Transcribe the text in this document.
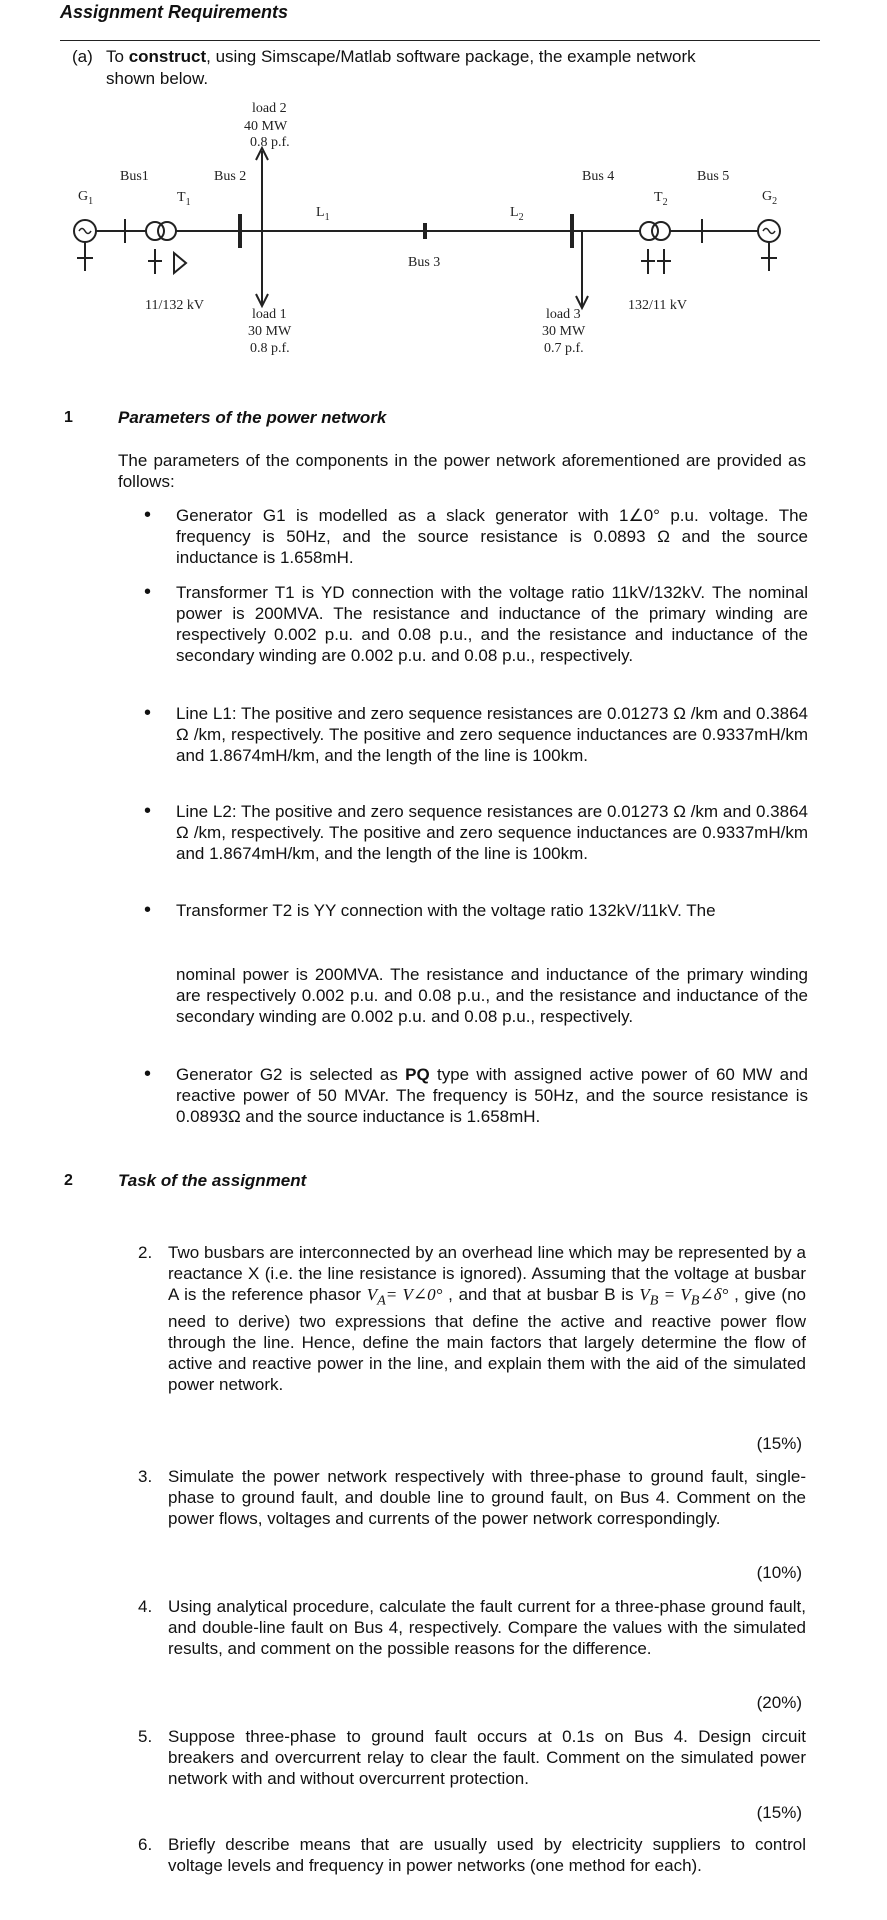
Assignment Requirements
(a) To construct, using Simscape/Matlab software package, the example network
shown below.
$G_1$
Bus1
$T_1$
Bus 2
load 2
40 MW
0.8 p.f.
$L_1$	$L_2$
Bus 3
Bus 4
$T_2$
Bus 5
$G_2$
11/132 kV	132/11 kV
load 1
30 MW
0.8 p.f.
load 3
30 MW
0.7 p.f.
1	Parameters of the power network
The parameters of the components in the power network aforementioned are provided as follows:
• Generator G1 is modelled as a slack generator with 1∠0° p.u. voltage. The frequency is 50Hz, and the source resistance is 0.0893 Ω and the source inductance is 1.658mH.
• Transformer T1 is YD connection with the voltage ratio 11kV/132kV. The nominal power is 200MVA. The resistance and inductance of the primary winding are respectively 0.002 p.u. and 0.08 p.u., and the resistance and inductance of the secondary winding are 0.002 p.u. and 0.08 p.u., respectively.
• Line L1: The positive and zero sequence resistances are 0.01273 Ω /km and 0.3864 Ω /km, respectively. The positive and zero sequence inductances are 0.9337mH/km and 1.8674mH/km, and the length of the line is 100km.
• Line L2: The positive and zero sequence resistances are 0.01273 Ω /km and 0.3864 Ω /km, respectively. The positive and zero sequence inductances are 0.9337mH/km and 1.8674mH/km, and the length of the line is 100km.
• Transformer T2 is YY connection with the voltage ratio 132kV/11kV. The
nominal power is 200MVA. The resistance and inductance of the primary winding are respectively 0.002 p.u. and 0.08 p.u., and the resistance and inductance of the secondary winding are 0.002 p.u. and 0.08 p.u., respectively.
• Generator G2 is selected as PQ type with assigned active power of 60 MW and reactive power of 50 MVAr. The frequency is 50Hz, and the source resistance is 0.0893Ω and the source inductance is 1.658mH.
2	Task of the assignment
2. Two busbars are interconnected by an overhead line which may be represented by a reactance X (i.e. the line resistance is ignored). Assuming that the voltage at busbar A is the reference phasor $V_A=$ V∠0° , and that at busbar B is $V_B$ = $V_B\angle\delta^\circ$ , give (no need to derive) two expressions that define the active and reactive power flow through the line. Hence, define the main factors that largely determine the flow of active and reactive power in the line, and explain them with the aid of the simulated power network.
(15%)
3. Simulate the power network respectively with three-phase to ground fault, single-phase to ground fault, and double line to ground fault, on Bus 4. Comment on the power flows, voltages and currents of the power network correspondingly.
(10%)
4. Using analytical procedure, calculate the fault current for a three-phase ground fault, and double-line fault on Bus 4, respectively. Compare the values with the simulated results, and comment on the possible reasons for the difference.
(20%)
5. Suppose three-phase to ground fault occurs at 0.1s on Bus 4. Design circuit breakers and overcurrent relay to clear the fault. Comment on the simulated power network with and without overcurrent protection.
(15%)
6. Briefly describe means that are usually used by electricity suppliers to control voltage levels and frequency in power networks (one method for each).
